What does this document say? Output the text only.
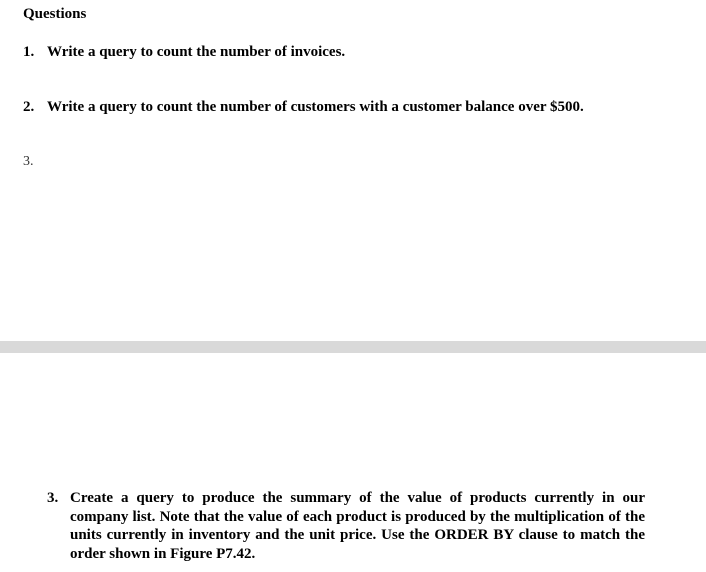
Questions
1. Write a query to count the number of invoices.
2. Write a query to count the number of customers with a customer balance over $500.
3.
3. Create a query to produce the summary of the value of products currently in our company list. Note that the value of each product is produced by the multiplication of the units currently in inventory and the unit price. Use the ORDER BY clause to match the order shown in Figure P7.42.
